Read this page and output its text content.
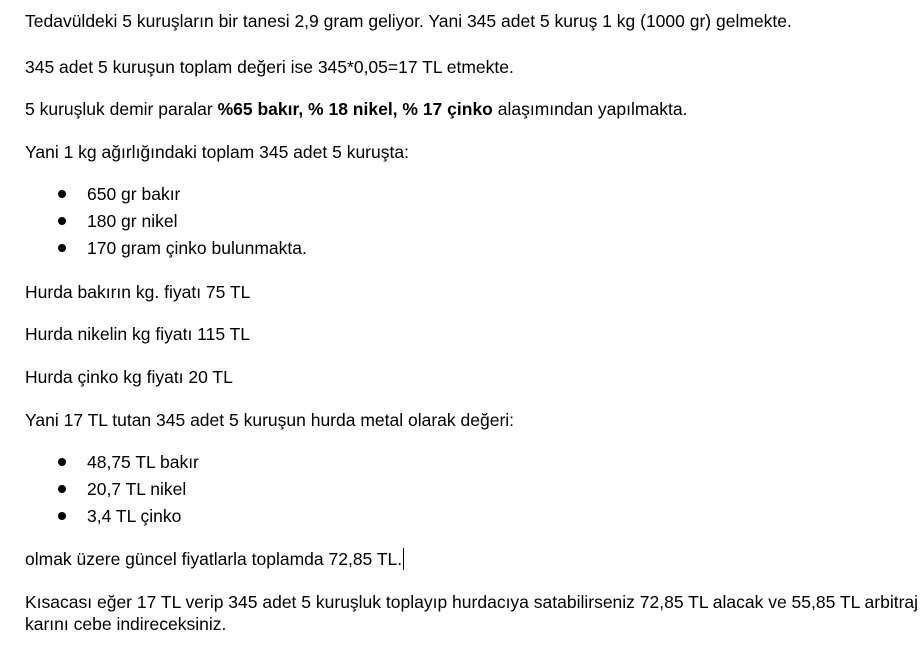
Tedavüldeki 5 kuruşların bir tanesi 2,9 gram geliyor. Yani 345 adet 5 kuruş 1 kg (1000 gr) gelmekte.

345 adet 5 kuruşun toplam değeri ise 345*0,05=17 TL etmekte.

5 kuruşluk demir paralar %65 bakır, % 18 nikel, % 17 çinko alaşımından yapılmakta.

Yani 1 kg ağırlığındaki toplam 345 adet 5 kuruşta:

650 gr bakır
180 gr nikel
170 gram çinko bulunmakta.

Hurda bakırın kg. fiyatı 75 TL

Hurda nikelin kg fiyatı 115 TL

Hurda çinko kg fiyatı 20 TL

Yani 17 TL tutan 345 adet 5 kuruşun hurda metal olarak değeri:

48,75 TL bakır
20,7 TL nikel
3,4 TL çinko

olmak üzere güncel fiyatlarla toplamda 72,85 TL.

Kısacası eğer 17 TL verip 345 adet 5 kuruşluk toplayıp hurdacıya satabilirseniz 72,85 TL alacak ve 55,85 TL arbitraj karını cebe indireceksiniz.
